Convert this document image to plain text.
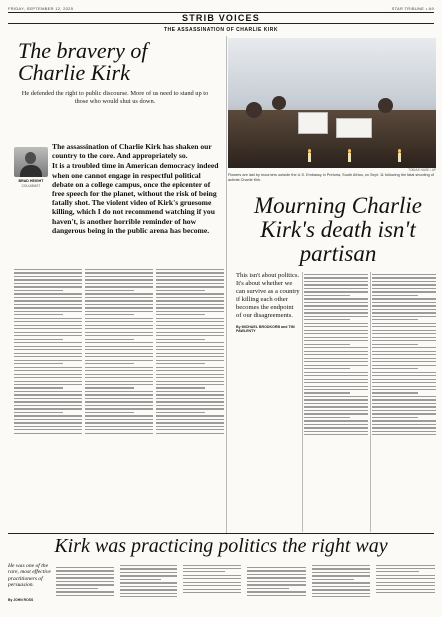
FRIDAY, SEPTEMBER 12, 2025	STAR TRIBUNE • A9
STRIB VOICES
THE ASSASSINATION OF CHARLIE KIRK
The bravery of Charlie Kirk
He defended the right to public discourse. More of us need to stand up to those who would shut us down.
BRAD HEIGHT
COLUMNIST

The assassination of Charlie Kirk has shaken our country to the core. And appropriately so.

It is a troubled time in American democracy indeed when one cannot engage in respectful political debate on a college campus, once the epicenter of free speech for the planet, without the risk of being fatally shot. The violent video of Kirk's gruesome killing, which I do not recommend watching if you haven't, is another horrible reminder of how dangerous being in the public arena has become.

TOBIAS HASE / AP
Flowers are laid by mourners outside the U.S. Embassy in Pretoria, South Africa, on Sept. 11 following the fatal shooting of activist Charlie Kirk.
Mourning Charlie Kirk's death isn't partisan
This isn't about politics. It's about whether we can survive as a country if killing each other becomes the endpoint of our disagreements.
By MICHAEL BRODKORB and TIM PAWLENTY
Kirk was practicing politics the right way
He was one of the rare, most effective practitioners of persuasion.
By JOHN ROSS
